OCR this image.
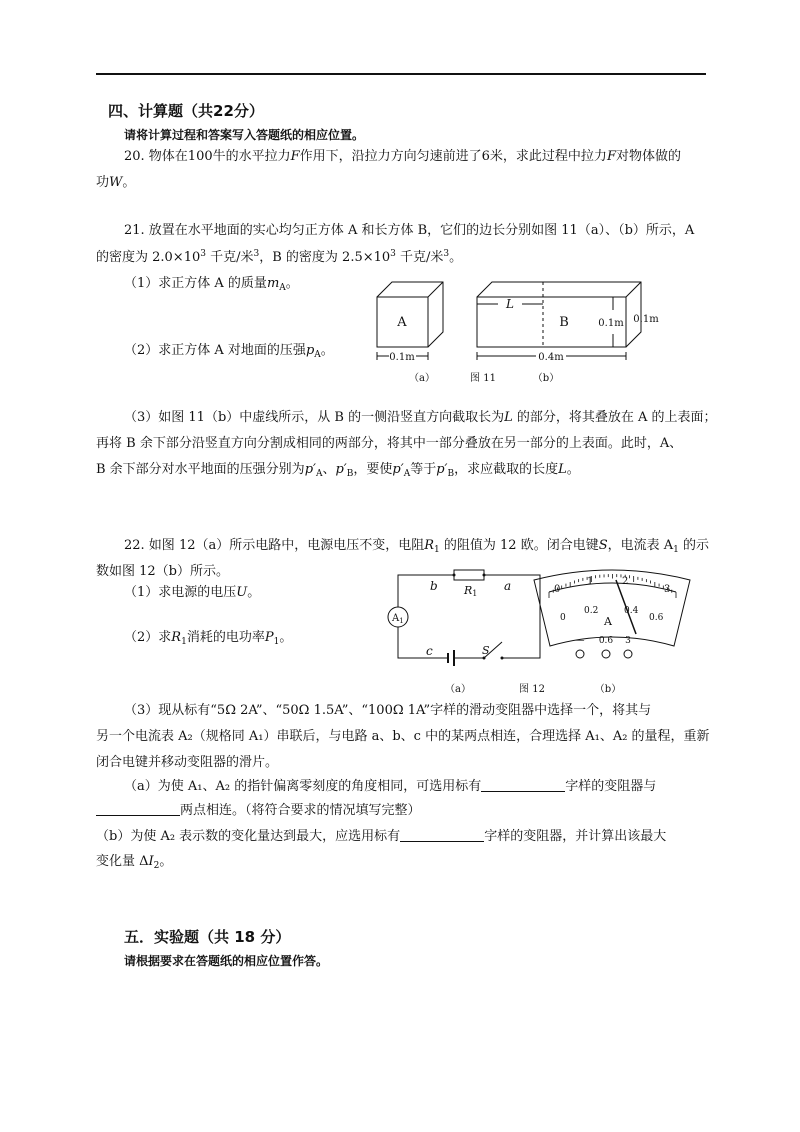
四、计算题（共22分）
请将计算过程和答案写入答题纸的相应位置。
20. 物体在100牛的水平拉力F作用下，沿拉力方向匀速前进了6米，求此过程中拉力F对物体做的
功W。
21. 放置在水平地面的实心均匀正方体 A 和长方体 B，它们的边长分别如图 11（a）、（b）所示，A
的密度为 $2.0\times 10^3$ 千克/米$^3$，B 的密度为 $2.5\times 10^3$ 千克/米$^3$。
（1）求正方体 A 的质量$m_A$。
（2）求正方体 A 对地面的压强$p_A$。
A	B
L
0.1m	0.4m
0.1m 0.1m
（a）	图 11	（b）
（3）如图 11（b）中虚线所示，从 B 的一侧沿竖直方向截取长为L 的部分，将其叠放在 A 的上表面；
再将 B 余下部分沿竖直方向分割成相同的两部分，将其中一部分叠放在另一部分的上表面。此时，A、
B 余下部分对水平地面的压强分别为$p'_A$、$p'_B$，要使$p'_A$等于$p'_B$，求应截取的长度L。
22. 如图 12（a）所示电路中，电源电压不变，电阻$R_1$ 的阻值为 12 欧。闭合电键S，电流表 $A_1$ 的示
数如图 12（b）所示。
（1）求电源的电压U。
（2）求$R_1$消耗的电功率$P_1$。
b	a
c	S
R1
$A_1$
0
1	2
3
0
0.2	0.4
0.6
A
— 0.6 3
（a）	图 12	（b）
（3）现从标有“5Ω 2A”、“50Ω 1.5A”、“100Ω 1A”字样的滑动变阻器中选择一个，将其与
另一个电流表 A₂（规格同 A₁）串联后，与电路 a、b、c 中的某两点相连，合理选择 A₁、A₂ 的量程，重新
闭合电键并移动变阻器的滑片。
（a）为使 A₁、A₂ 的指针偏离零刻度的角度相同，可选用标有	字样的变阻器与
两点相连。（将符合要求的情况填写完整）
（b）为使 A₂ 表示数的变化量达到最大，应选用标有	字样的变阻器，并计算出该最大
变化量 $\Delta I_2$。
五．实验题（共 18 分）
请根据要求在答题纸的相应位置作答。
